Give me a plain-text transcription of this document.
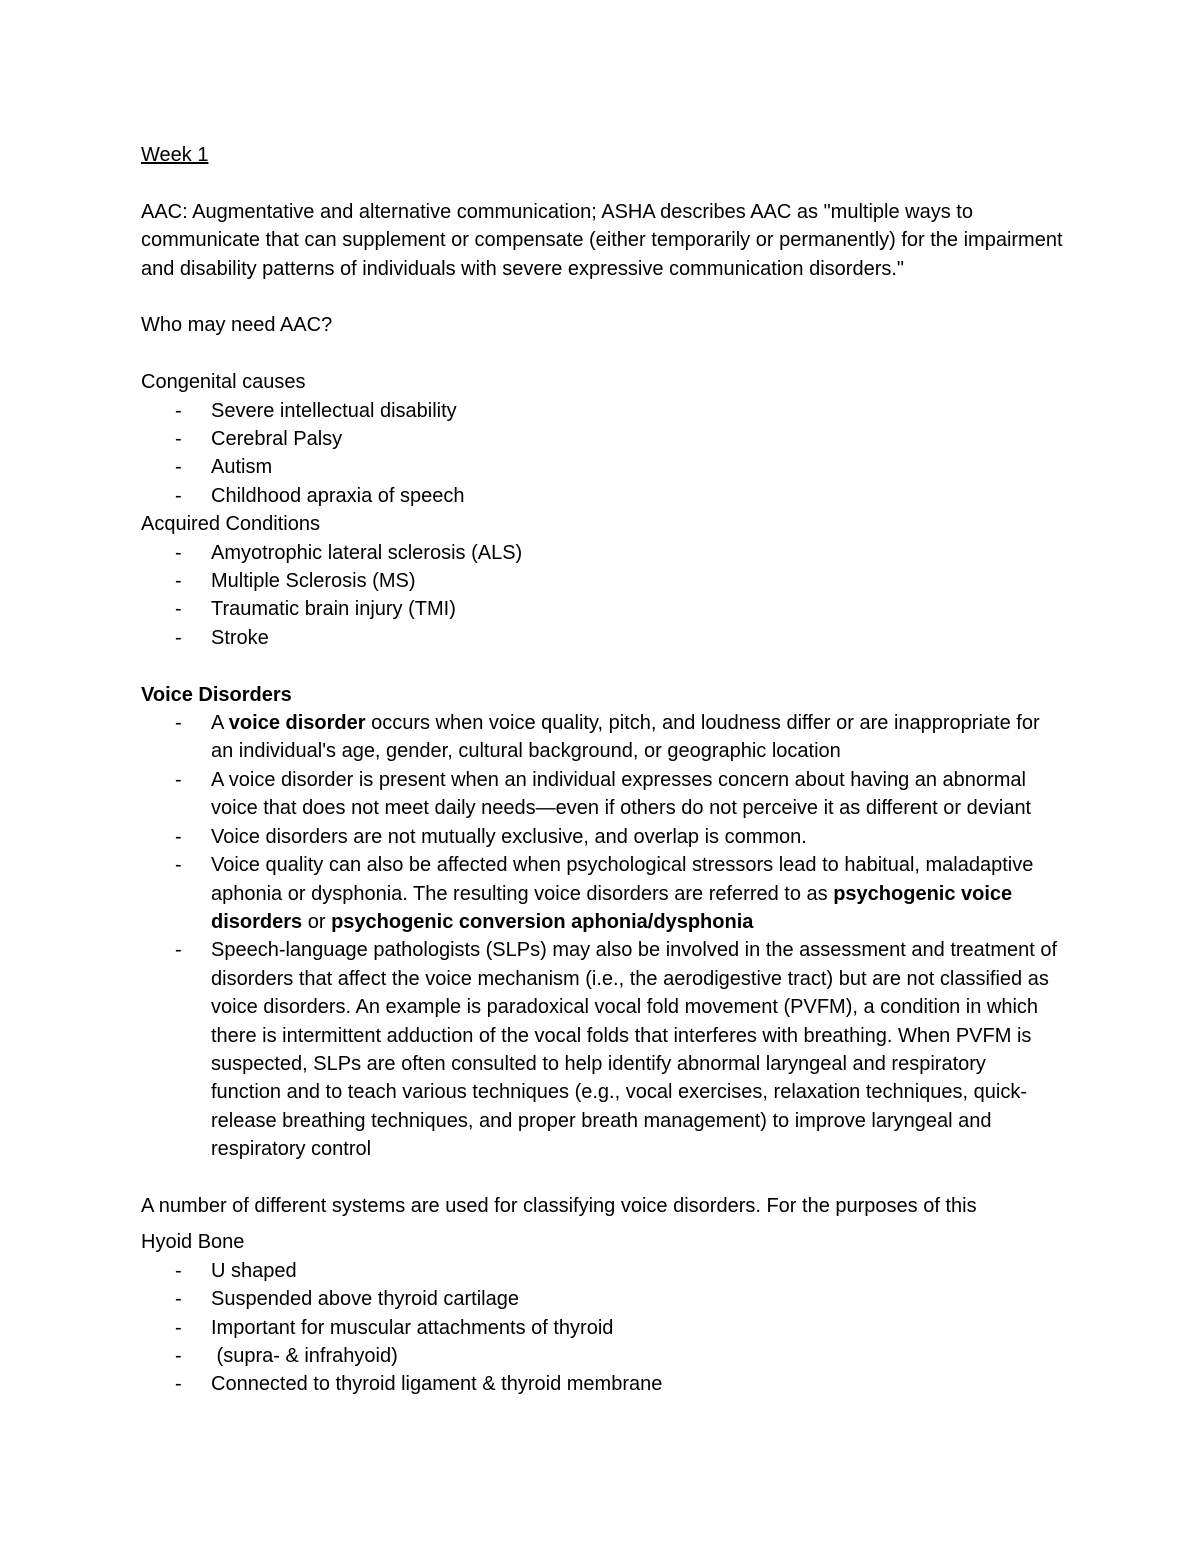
Week 1

AAC: Augmentative and alternative communication; ASHA describes AAC as "multiple ways to communicate that can supplement or compensate (either temporarily or permanently) for the impairment and disability patterns of individuals with severe expressive communication disorders."

Who may need AAC?

Congenital causes

- Severe intellectual disability
- Cerebral Palsy
- Autism
- Childhood apraxia of speech

Acquired Conditions

- Amyotrophic lateral sclerosis (ALS)
- Multiple Sclerosis (MS)
- Traumatic brain injury (TMI)
- Stroke

Voice Disorders

- A voice disorder occurs when voice quality, pitch, and loudness differ or are inappropriate for an individual's age, gender, cultural background, or geographic location
- A voice disorder is present when an individual expresses concern about having an abnormal voice that does not meet daily needs—even if others do not perceive it as different or deviant
- Voice disorders are not mutually exclusive, and overlap is common.
- Voice quality can also be affected when psychological stressors lead to habitual, maladaptive aphonia or dysphonia. The resulting voice disorders are referred to as psychogenic voice disorders or psychogenic conversion aphonia/dysphonia
- Speech-language pathologists (SLPs) may also be involved in the assessment and treatment of disorders that affect the voice mechanism (i.e., the aerodigestive tract) but are not classified as voice disorders. An example is paradoxical vocal fold movement (PVFM), a condition in which there is intermittent adduction of the vocal folds that interferes with breathing. When PVFM is suspected, SLPs are often consulted to help identify abnormal laryngeal and respiratory function and to teach various techniques (e.g., vocal exercises, relaxation techniques, quick-release breathing techniques, and proper breath management) to improve laryngeal and respiratory control

A number of different systems are used for classifying voice disorders. For the purposes of this

Hyoid Bone

- U shaped
- Suspended above thyroid cartilage
- Important for muscular attachments of thyroid
-  (supra- & infrahyoid)
- Connected to thyroid ligament & thyroid membrane
